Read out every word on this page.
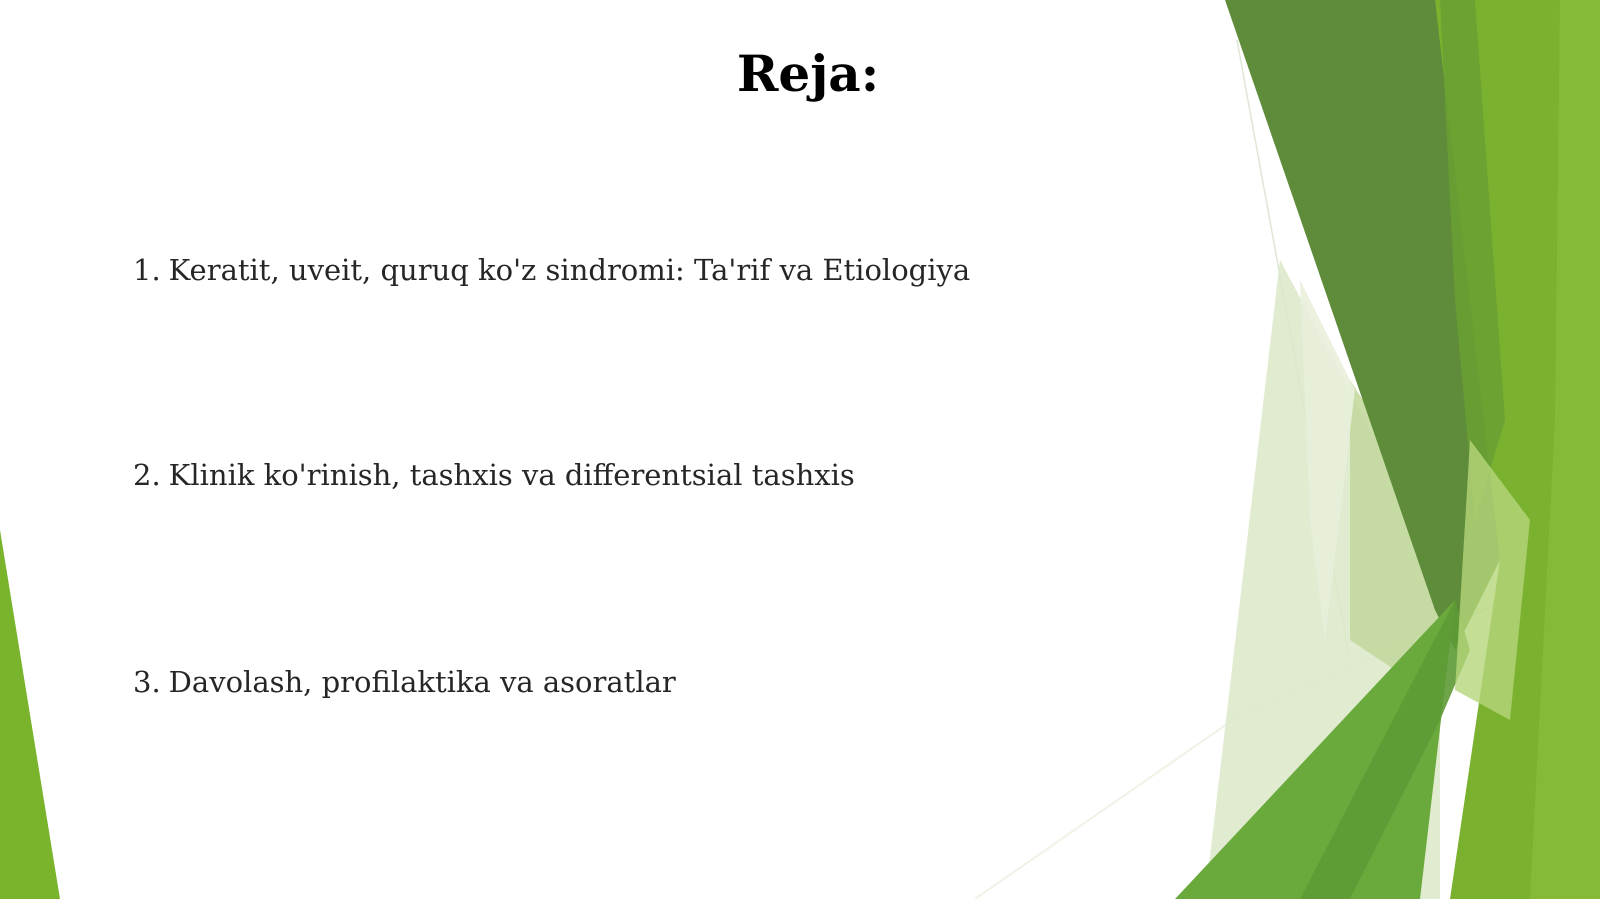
Reja:

1. Keratit, uveit, quruq ko'z sindromi: Ta'rif va Etiologiya

2. Klinik ko'rinish, tashxis va differentsial tashxis

3. Davolash, profilaktika va asoratlar
